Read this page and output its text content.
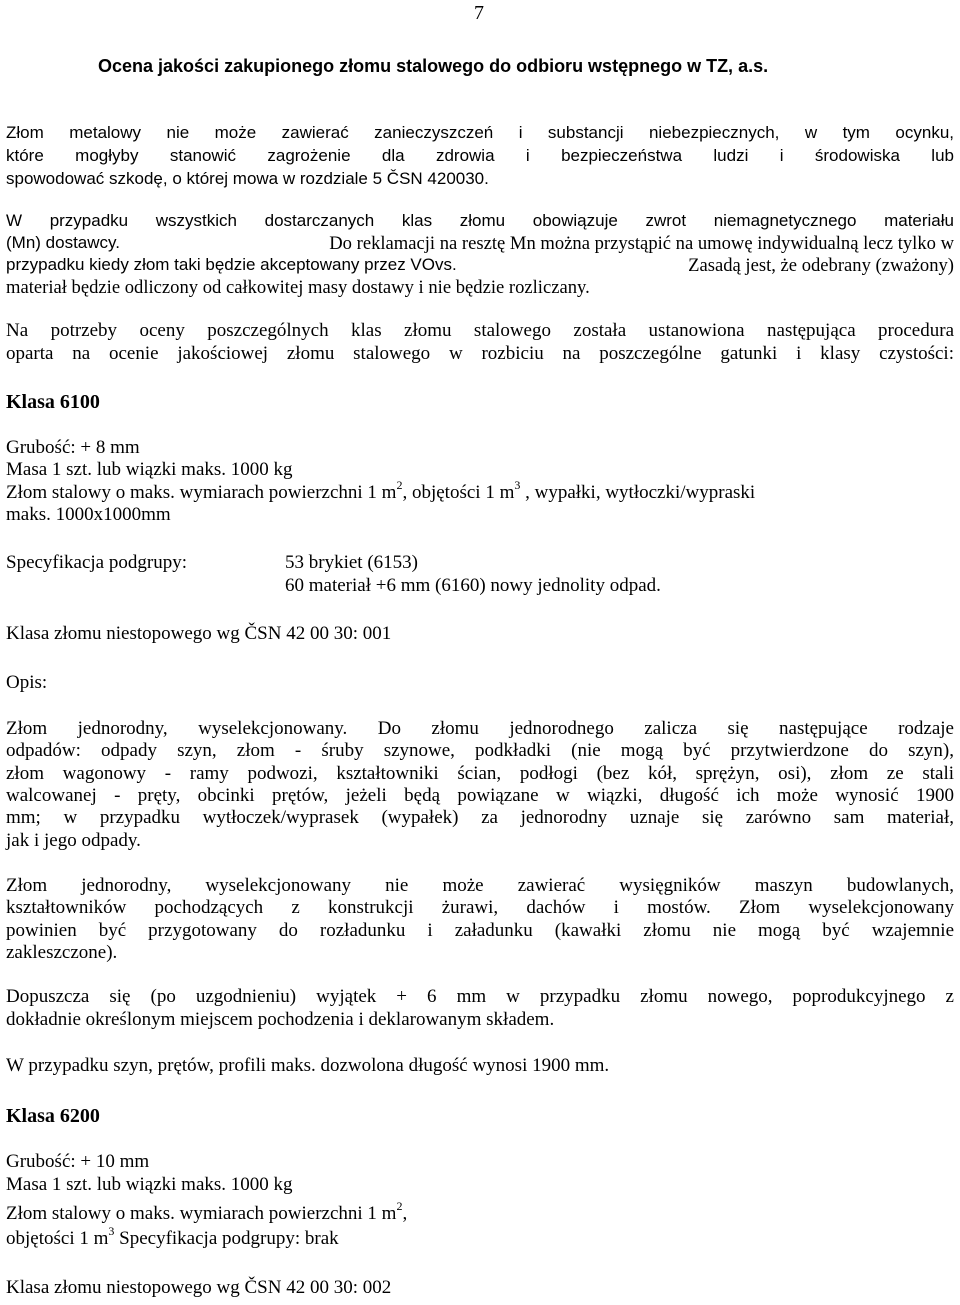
7
Ocena jakości zakupionego złomu stalowego do odbioru wstępnego w TZ, a.s.
Złom metalowy nie może zawierać zanieczyszczeń i substancji niebezpiecznych, w tym ocynku,
które mogłyby stanowić zagrożenie dla zdrowia i bezpieczeństwa ludzi i środowiska lub
spowodować szkodę, o której mowa w rozdziale 5 ČSN 420030.
W przypadku wszystkich dostarczanych klas złomu obowiązuje zwrot niemagnetycznego materiału
(Mn) dostawcy.	Do reklamacji na resztę Mn można przystąpić na umowę indywidualną lecz tylko w
przypadku kiedy złom taki będzie akceptowany przez VOvs.	Zasadą jest, że odebrany (zważony)
materiał będzie odliczony od całkowitej masy dostawy i nie będzie rozliczany.
Na potrzeby oceny poszczególnych klas złomu stalowego została ustanowiona następująca procedura
oparta na ocenie jakościowej złomu stalowego w rozbiciu na poszczególne gatunki i klasy czystości:
Klasa 6100
Grubość: + 8 mm
Masa 1 szt. lub wiązki maks. 1000 kg
Złom stalowy o maks. wymiarach powierzchni 1 $m^2$, objętości 1 $m^3$ , wypałki, wytłoczki/wypraski
maks. 1000x1000mm
Specyfikacja podgrupy:	53 brykiet (6153)
60 materiał +6 mm (6160) nowy jednolity odpad.
Klasa złomu niestopowego wg ČSN 42 00 30: 001
Opis:
Złom jednorodny, wyselekcjonowany. Do złomu jednorodnego zalicza się następujące rodzaje
odpadów: odpady szyn, złom - śruby szynowe, podkładki (nie mogą być przytwierdzone do szyn),
złom wagonowy - ramy podwozi, kształtowniki ścian, podłogi (bez kół, sprężyn, osi), złom ze stali
walcowanej - pręty, obcinki prętów, jeżeli będą powiązane w wiązki, długość ich może wynosić 1900
mm; w przypadku wytłoczek/wyprasek (wypałek) za jednorodny uznaje się zarówno sam materiał,
jak i jego odpady.
Złom jednorodny, wyselekcjonowany nie może zawierać wysięgników maszyn budowlanych,
kształtowników pochodzących z konstrukcji żurawi, dachów i mostów. Złom wyselekcjonowany
powinien być przygotowany do rozładunku i załadunku (kawałki złomu nie mogą być wzajemnie
zakleszczone).
Dopuszcza się (po uzgodnieniu) wyjątek + 6 mm w przypadku złomu nowego, poprodukcyjnego z
dokładnie określonym miejscem pochodzenia i deklarowanym składem.
W przypadku szyn, prętów, profili maks. dozwolona długość wynosi 1900 mm.
Klasa 6200
Grubość: + 10 mm
Masa 1 szt. lub wiązki maks. 1000 kg
Złom stalowy o maks. wymiarach powierzchni 1 $m^2$,
objętości 1 $m^3$ Specyfikacja podgrupy: brak
Klasa złomu niestopowego wg ČSN 42 00 30: 002
